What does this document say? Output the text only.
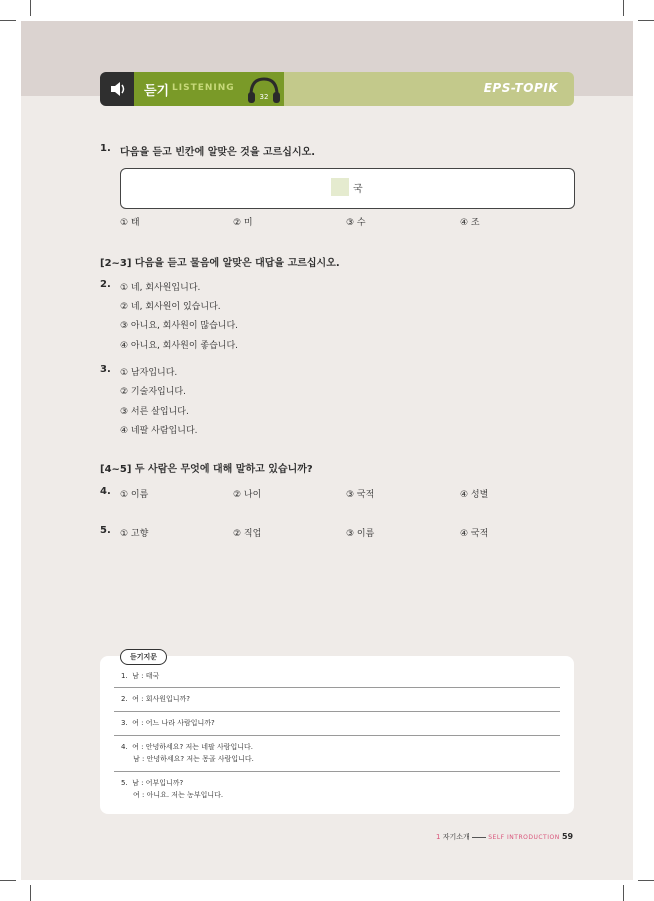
듣기 LISTENING
32
EPS-TOPIK
1. 다음을 듣고 빈칸에 알맞은 것을 고르십시오.
국
① 태	② 미	③ 수	④ 조
[2~3] 다음을 듣고 물음에 알맞은 대답을 고르십시오.
2. ① 네, 회사원입니다.
② 네, 회사원이 있습니다.
③ 아니요, 회사원이 많습니다.
④ 아니요, 회사원이 좋습니다.
3. ① 남자입니다.
② 기술자입니다.
③ 서른 살입니다.
④ 네팔 사람입니다.
[4~5] 두 사람은 무엇에 대해 말하고 있습니까?
4. ① 이름	② 나이	③ 국적	④ 성별
5. ① 고향	② 직업	③ 이름	④ 국적
듣기지문
1. 남 : 태국
2. 여 : 회사원입니까?
3. 여 : 어느 나라 사람입니까?
4. 여 : 안녕하세요? 저는 네팔 사람입니다.
남 : 안녕하세요? 저는 몽골 사람입니다.
5. 남 : 어부입니까?
여 : 아니요. 저는 농부입니다.
1 자기소개	SELF INTRODUCTION 59
